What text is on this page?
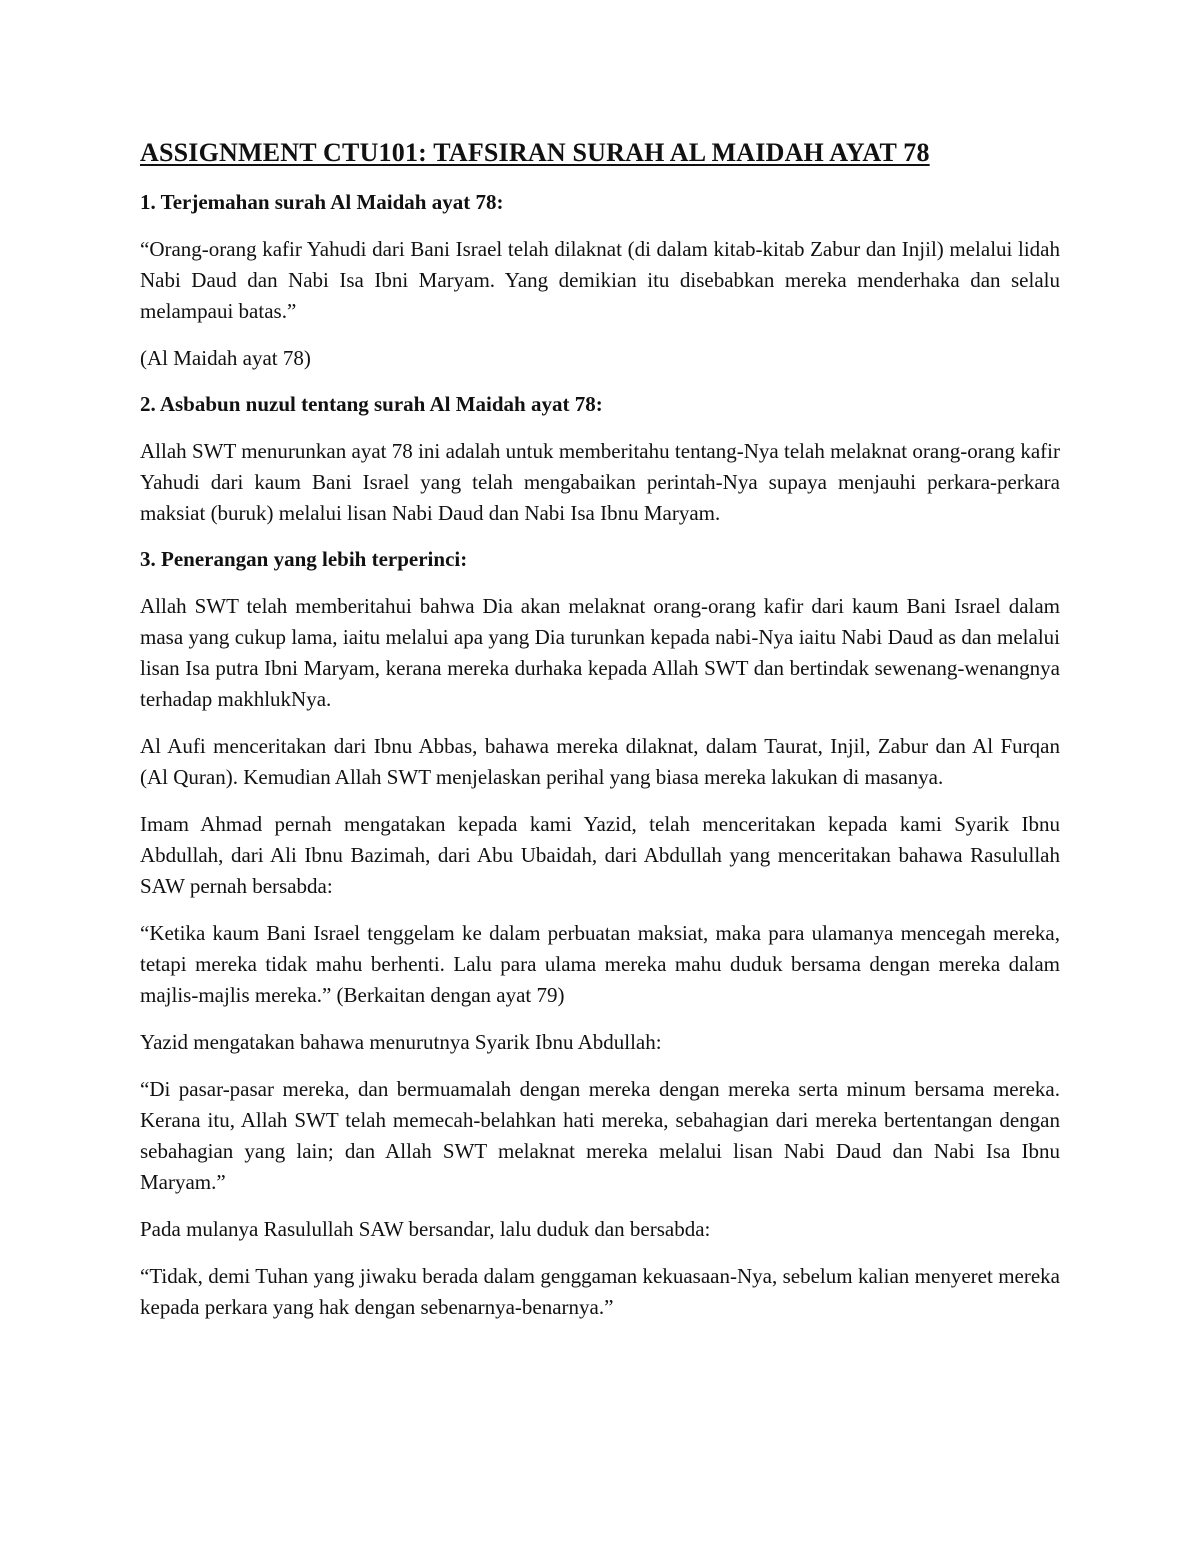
ASSIGNMENT CTU101: TAFSIRAN SURAH AL MAIDAH AYAT 78
1. Terjemahan surah Al Maidah ayat 78:

“Orang-orang kafir Yahudi dari Bani Israel telah dilaknat (di dalam kitab-kitab Zabur dan Injil) melalui lidah Nabi Daud dan Nabi Isa Ibni Maryam. Yang demikian itu disebabkan mereka menderhaka dan selalu melampaui batas.”

(Al Maidah ayat 78)

2. Asbabun nuzul tentang surah Al Maidah ayat 78:

Allah SWT menurunkan ayat 78 ini adalah untuk memberitahu tentang-Nya telah melaknat orang-orang kafir Yahudi dari kaum Bani Israel yang telah mengabaikan perintah-Nya supaya menjauhi perkara-perkara maksiat (buruk) melalui lisan Nabi Daud dan Nabi Isa Ibnu Maryam.

3. Penerangan yang lebih terperinci:

Allah SWT telah memberitahui bahwa Dia akan melaknat orang-orang kafir dari kaum Bani Israel dalam masa yang cukup lama, iaitu melalui apa yang Dia turunkan kepada nabi-Nya iaitu Nabi Daud as dan melalui lisan Isa putra Ibni Maryam, kerana mereka durhaka kepada Allah SWT dan bertindak sewenang-wenangnya terhadap makhlukNya.

Al Aufi menceritakan dari Ibnu Abbas, bahawa mereka dilaknat, dalam Taurat, Injil, Zabur dan Al Furqan (Al Quran). Kemudian Allah SWT menjelaskan perihal yang biasa mereka lakukan di masanya.

Imam Ahmad pernah mengatakan kepada kami Yazid, telah menceritakan kepada kami Syarik Ibnu Abdullah, dari Ali Ibnu Bazimah, dari Abu Ubaidah, dari Abdullah yang menceritakan bahawa Rasulullah SAW pernah bersabda:

“Ketika kaum Bani Israel tenggelam ke dalam perbuatan maksiat, maka para ulamanya mencegah mereka, tetapi mereka tidak mahu berhenti. Lalu para ulama mereka mahu duduk bersama dengan mereka dalam majlis-majlis mereka.” (Berkaitan dengan ayat 79)

Yazid mengatakan bahawa menurutnya Syarik Ibnu Abdullah:

“Di pasar-pasar mereka, dan bermuamalah dengan mereka dengan mereka serta minum bersama mereka. Kerana itu, Allah SWT telah memecah-belahkan hati mereka, sebahagian dari mereka bertentangan dengan sebahagian yang lain; dan Allah SWT melaknat mereka melalui lisan Nabi Daud dan Nabi Isa Ibnu Maryam.”

Pada mulanya Rasulullah SAW bersandar, lalu duduk dan bersabda:

“Tidak, demi Tuhan yang jiwaku berada dalam genggaman kekuasaan-Nya, sebelum kalian menyeret mereka kepada perkara yang hak dengan sebenarnya-benarnya.”
